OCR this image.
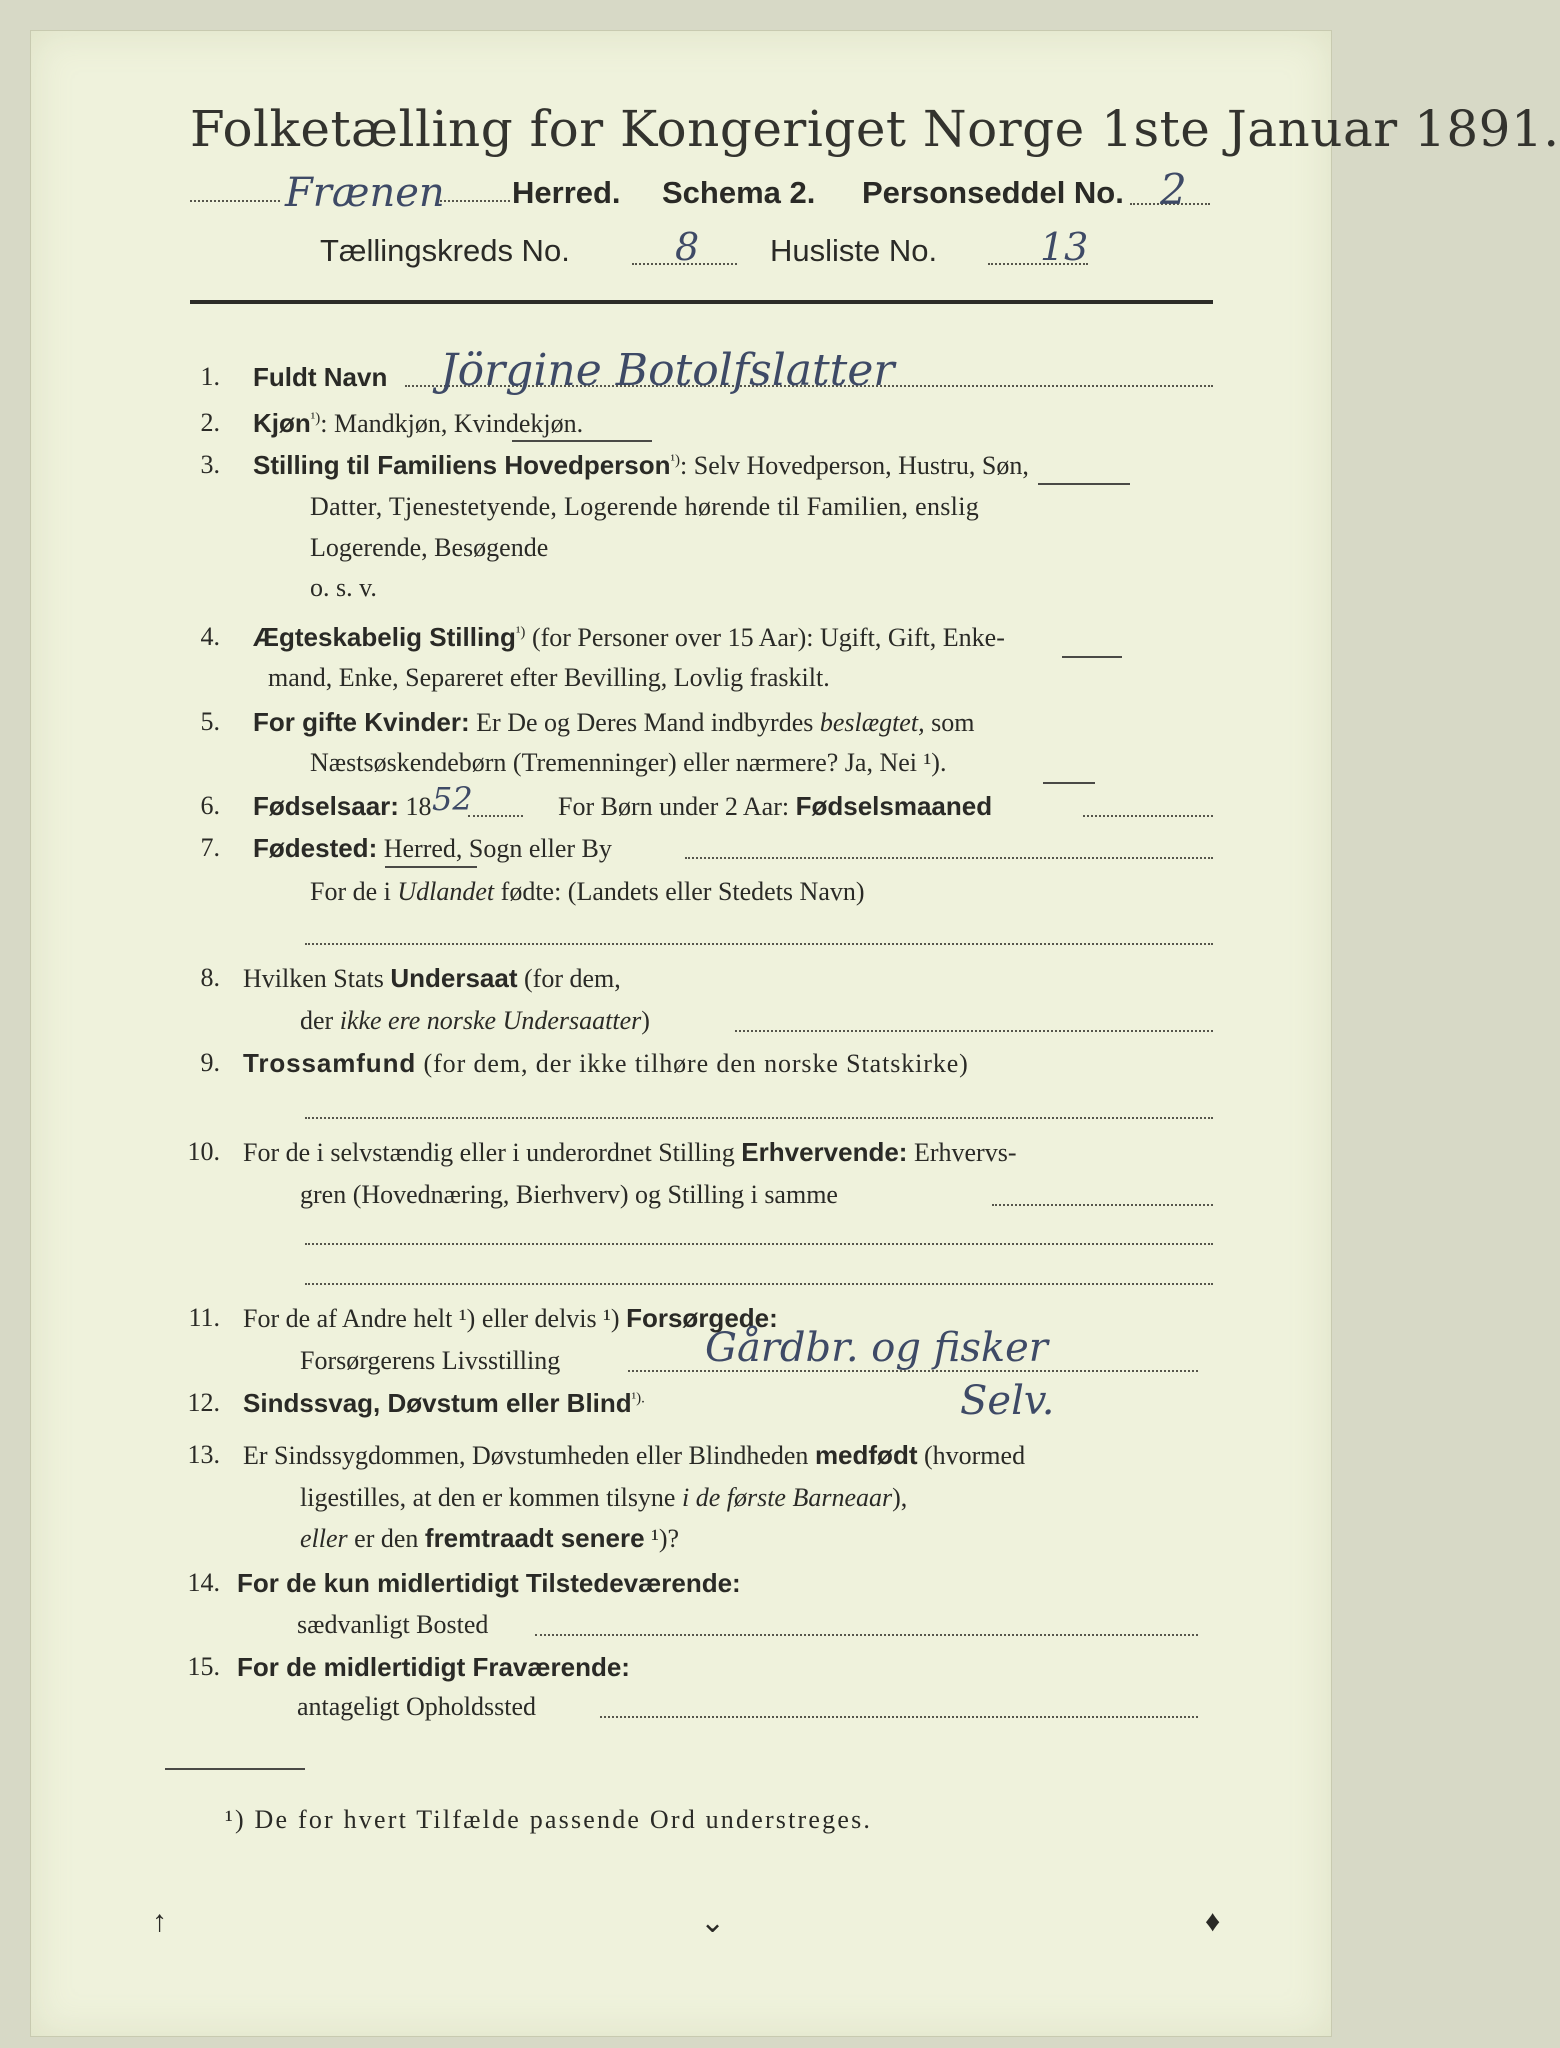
Folketælling for Kongeriget Norge 1ste Januar 1891.
Frænen Herred. Schema 2. Personseddel No. 2
Tællingskreds No.	8 Husliste No.	13
1. Fuldt Navn Jörgine Botolfslatter
2. Kjøn$^{^1)}$: Mandkjøn, Kvindekjøn.
3. Stilling til Familiens Hovedperson$^{^1)}$: Selv Hovedperson, Hustru, Søn,
Datter, Tjenestetyende, Logerende hørende til Familien, enslig
Logerende, Besøgende
o. s. v.
4. Ægteskabelig Stilling$^{^1)}$ (for Personer over 15 Aar): Ugift, Gift, Enke-
mand, Enke, Separeret efter Bevilling, Lovlig fraskilt.
5. For gifte Kvinder: Er De og Deres Mand indbyrdes beslægtet, som
Næstsøskendebørn (Tremenninger) eller nærmere? Ja, Nei ¹).
6. Fødselsaar: 18 52	For Børn under 2 Aar: Fødselsmaaned
7. Fødested: Herred, Sogn eller By
For de i Udlandet fødte: (Landets eller Stedets Navn)
8. Hvilken Stats Undersaat (for dem,
der ikke ere norske Undersaatter)
9. Trossamfund (for dem, der ikke tilhøre den norske Statskirke)
10. For de i selvstændig eller i underordnet Stilling Erhvervende: Erhvervs-
gren (Hovednæring, Bierhverv) og Stilling i samme
11. For de af Andre helt ¹) eller delvis ¹) Forsørgede:
Forsørgerens Livsstilling	Gårdbr. og fisker
12. Sindssvag, Døvstum eller Blind$^{^1).}$	Selv.
13. Er Sindssygdommen, Døvstumheden eller Blindheden medfødt (hvormed
ligestilles, at den er kommen tilsyne i de første Barneaar),
eller er den fremtraadt senere ¹)?
14. For de kun midlertidigt Tilstedeværende:
sædvanligt Bosted
15. For de midlertidigt Fraværende:
antageligt Opholdssted
¹) De for hvert Tilfælde passende Ord understreges.
↑	⌄	♦
